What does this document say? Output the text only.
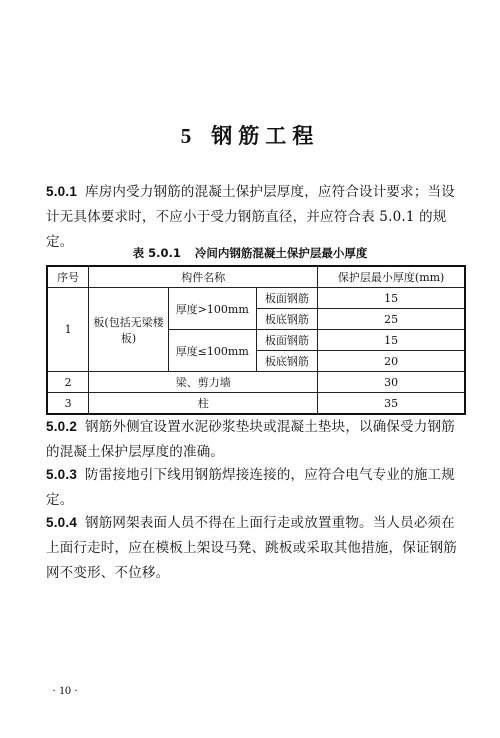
5 钢筋工程
5.0.1 库房内受力钢筋的混凝土保护层厚度，应符合设计要求；当设计无具体要求时，不应小于受力钢筋直径，并应符合表 5.0.1 的规定。
表 5.0.1 冷间内钢筋混凝土保护层最小厚度
序号	构件名称			保护层最小厚度(mm)
1	板(包括无梁楼板)	厚度>100mm	板面钢筋	15
			板底钢筋	25
		厚度≤100mm	板面钢筋	15
			板底钢筋	20
2	梁、剪力墙			30
3	柱			35
5.0.2 钢筋外侧宜设置水泥砂浆垫块或混凝土垫块，以确保受力钢筋的混凝土保护层厚度的准确。
5.0.3 防雷接地引下线用钢筋焊接连接的，应符合电气专业的施工规定。
5.0.4 钢筋网架表面人员不得在上面行走或放置重物。当人员必须在上面行走时，应在模板上架设马凳、跳板或采取其他措施，保证钢筋网不变形、不位移。
· 10 ·
